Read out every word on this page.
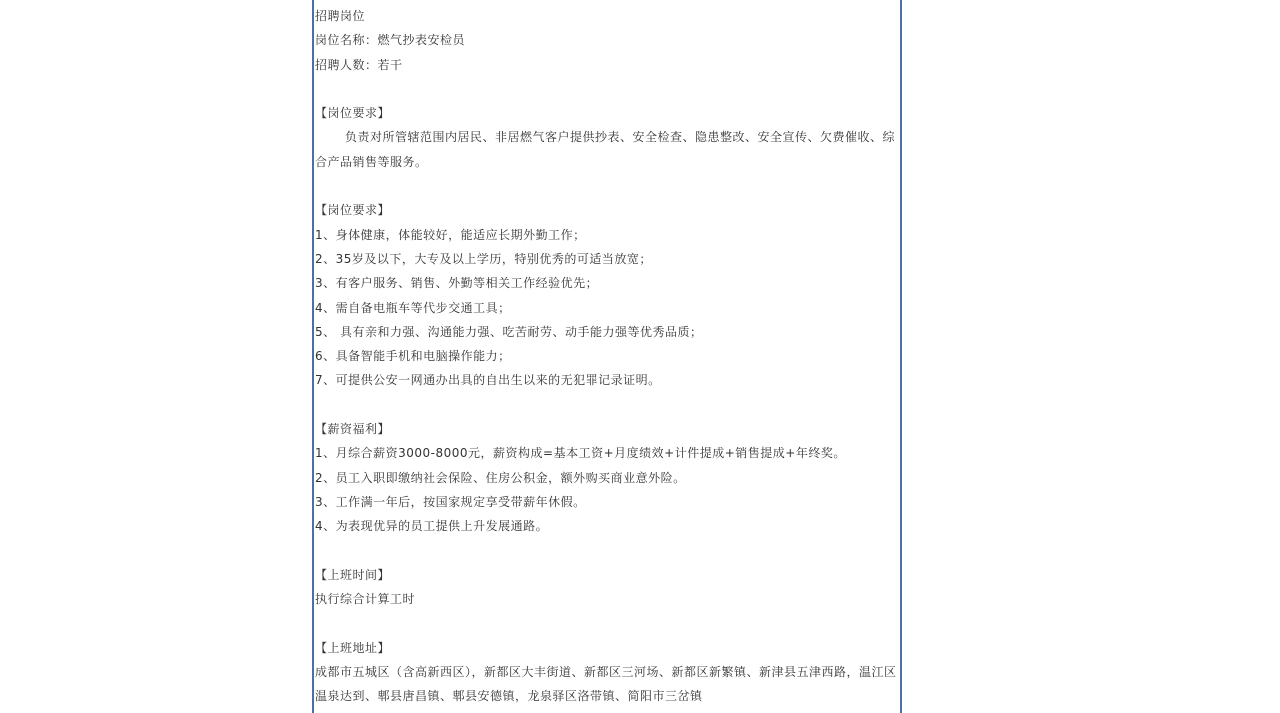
招聘岗位
岗位名称：燃气抄表安检员
招聘人数：若干
【岗位要求】
负责对所管辖范围内居民、非居燃气客户提供抄表、安全检查、隐患整改、安全宣传、欠费催收、综合产品销售等服务。
【岗位要求】
1、身体健康，体能较好，能适应长期外勤工作；
2、35岁及以下，大专及以上学历，特别优秀的可适当放宽；
3、有客户服务、销售、外勤等相关工作经验优先；
4、需自备电瓶车等代步交通工具；
5、 具有亲和力强、沟通能力强、吃苦耐劳、动手能力强等优秀品质；
6、具备智能手机和电脑操作能力；
7、可提供公安一网通办出具的自出生以来的无犯罪记录证明。
【薪资福利】
1、月综合薪资3000-8000元，薪资构成=基本工资+月度绩效+计件提成+销售提成+年终奖。
2、员工入职即缴纳社会保险、住房公积金，额外购买商业意外险。
3、工作满一年后，按国家规定享受带薪年休假。
4、为表现优异的员工提供上升发展通路。
【上班时间】
执行综合计算工时
【上班地址】
成都市五城区（含高新西区），新都区大丰街道、新都区三河场、新都区新繁镇、新津县五津西路，温江区温泉达到、郫县唐昌镇、郫县安德镇，龙泉驿区洛带镇、简阳市三岔镇
